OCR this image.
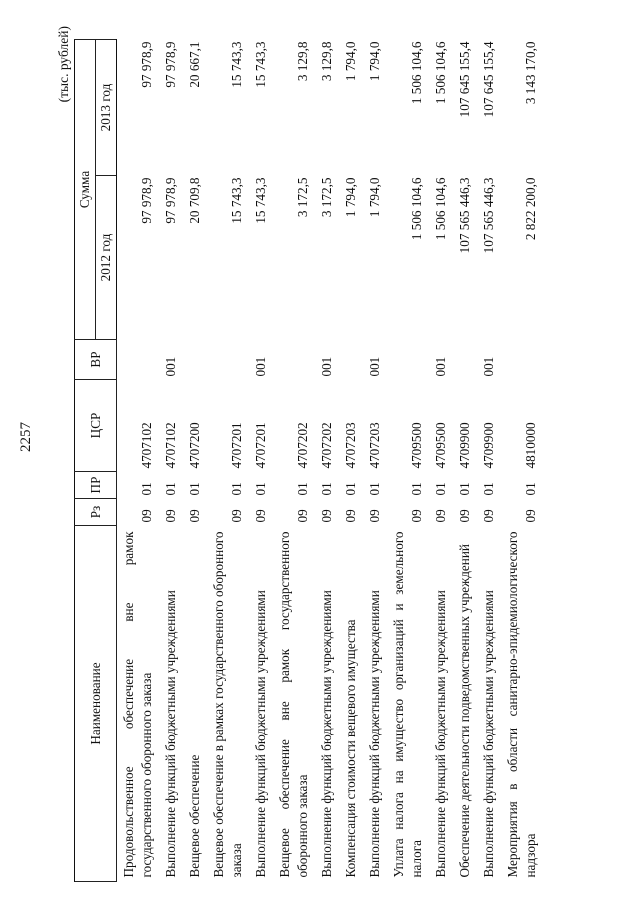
2257
(тыс. рублей)
Наименование	Рз	ПР	ЦСР	ВР	Сумма	
					2012 год	2013 год
Продовольственное обеспечение вне рамок государственного оборонного заказа	09	01	4707102		97 978,9	97 978,9
Выполнение функций бюджетными учреждениями	09	01	4707102	001	97 978,9	97 978,9
Вещевое обеспечение	09	01	4707200		20 709,8	20 667,1
Вещевое обеспечение в рамках государственного оборонного заказа	09	01	4707201		15 743,3	15 743,3
Выполнение функций бюджетными учреждениями	09	01	4707201	001	15 743,3	15 743,3
Вещевое обеспечение вне рамок государственного оборонного заказа	09	01	4707202		3 172,5	3 129,8
Выполнение функций бюджетными учреждениями	09	01	4707202	001	3 172,5	3 129,8
Компенсация стоимости вещевого имущества	09	01	4707203		1 794,0	1 794,0
Выполнение функций бюджетными учреждениями	09	01	4707203	001	1 794,0	1 794,0
Уплата налога на имущество организаций и земельного налога	09	01	4709500		1 506 104,6	1 506 104,6
Выполнение функций бюджетными учреждениями	09	01	4709500	001	1 506 104,6	1 506 104,6
Обеспечение деятельности подведомственных учреждений	09	01	4709900		107 565 446,3	107 645 155,4
Выполнение функций бюджетными учреждениями	09	01	4709900	001	107 565 446,3	107 645 155,4
Мероприятия в области санитарно-эпидемиологического надзора	09	01	4810000		2 822 200,0	3 143 170,0
